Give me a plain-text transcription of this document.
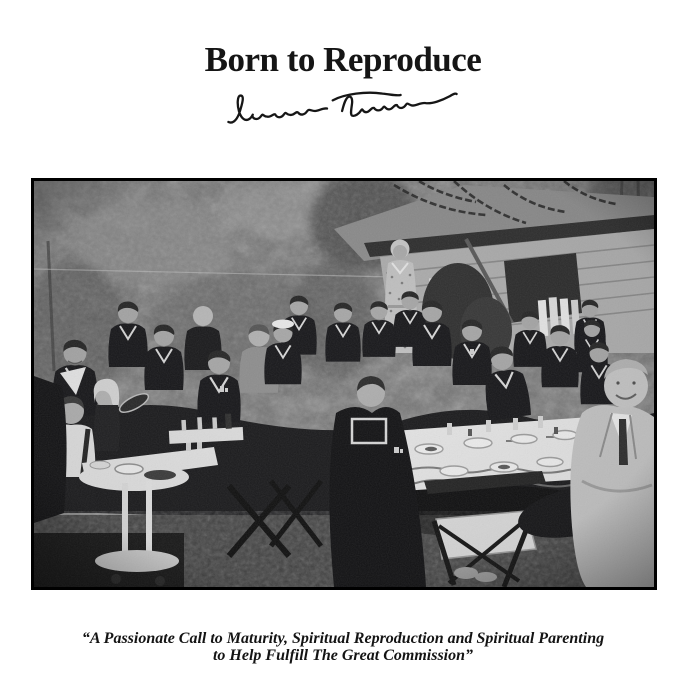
Born to Reproduce

“A Passionate Call to Maturity, Spiritual Reproduction and Spiritual Parenting
to Help Fulfill The Great Commission”
